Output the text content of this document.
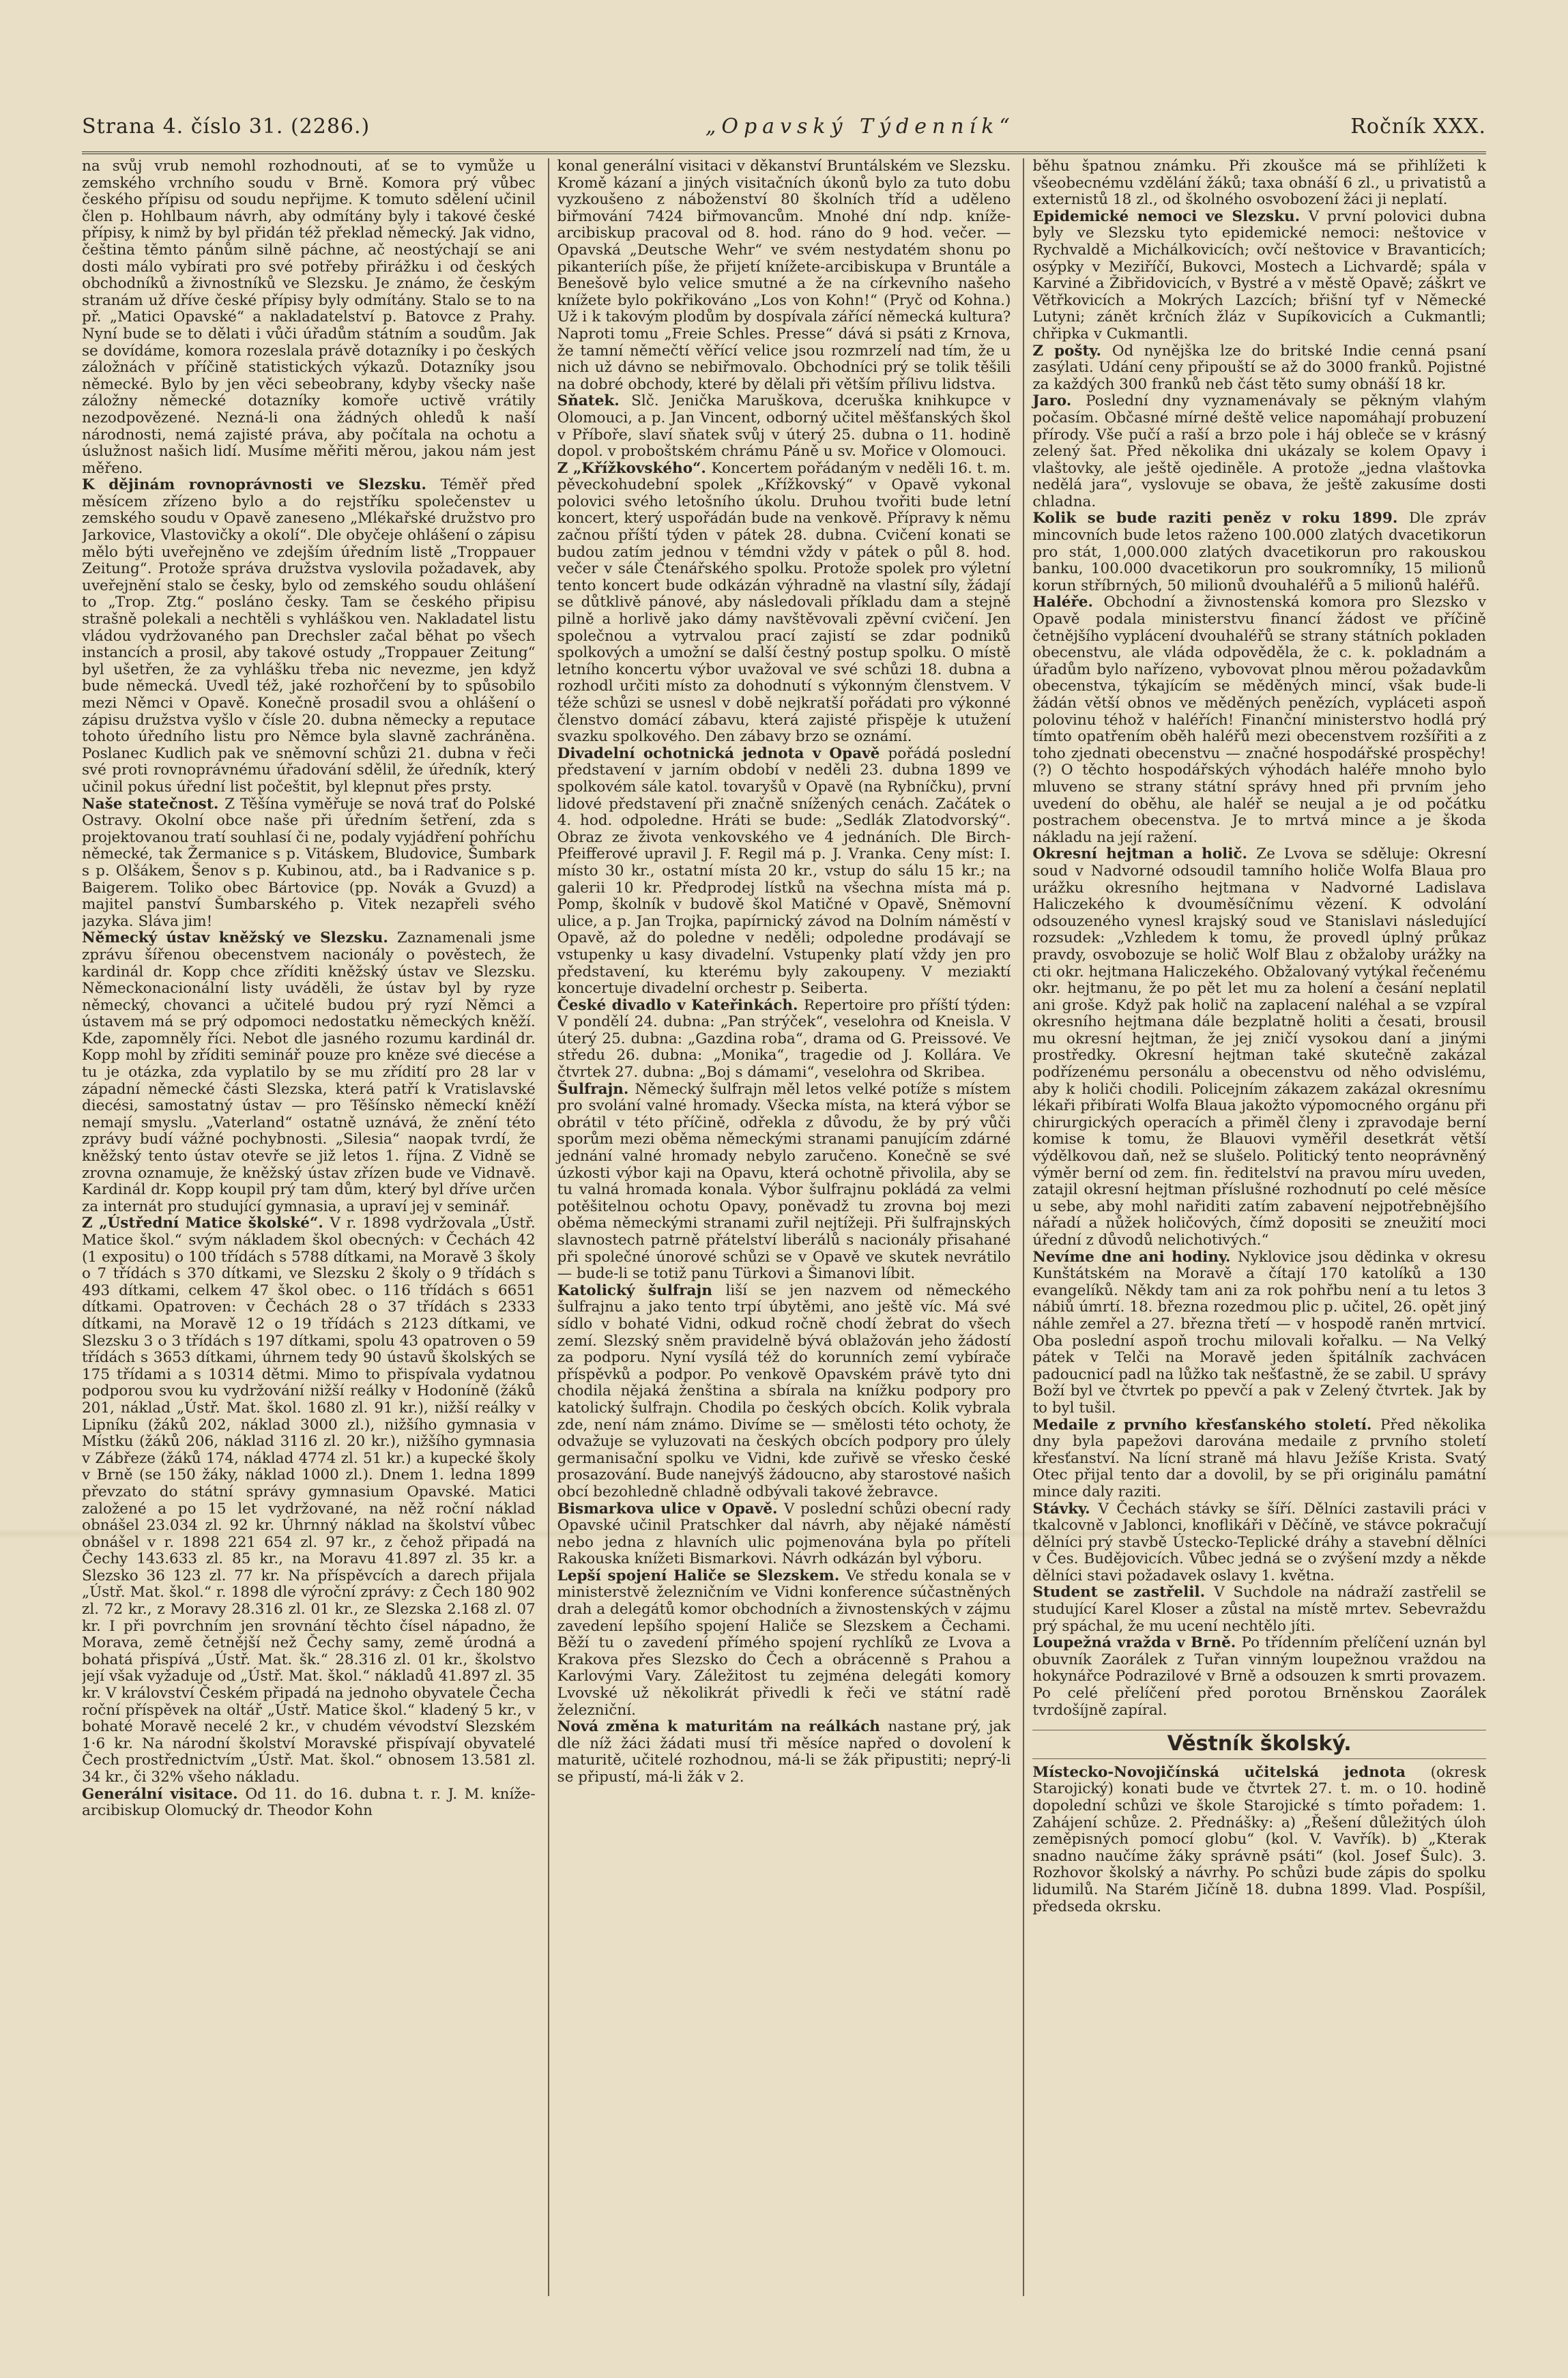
Strana 4. číslo 31. (2286.)	„Opavský Týdenník“	Ročník XXX.

na svůj vrub nemohl rozhodnouti, ať se to vymůže u zemského vrchního soudu v Brně. Komora prý vůbec českého přípisu od soudu nepřijme. K tomuto sdělení učinil člen p. Hohlbaum návrh, aby odmítány byly i takové české přípisy, k nimž by byl přidán též překlad německý. Jak vidno, čeština těmto pánům silně páchne, ač neostýchají se ani dosti málo vybírati pro své potřeby přirážku i od českých obchodníků a živnostníků ve Slezsku. Je známo, že českým stranám už dříve české přípisy byly odmítány. Stalo se to na př. „Matici Opavské“ a nakladatelství p. Batovce z Prahy. Nyní bude se to dělati i vůči úřadům státním a soudům. Jak se dovídáme, komora rozeslala právě dotazníky i po českých záložnách v příčině statistických výkazů. Dotazníky jsou německé. Bylo by jen věci sebeobrany, kdyby všecky naše záložny německé dotazníky komoře uctivě vrátily nezodpovězené. Nezná-li ona žádných ohledů k naší národnosti, nemá zajisté práva, aby počítala na ochotu a úslužnost našich lidí. Musíme měřiti měrou, jakou nám jest měřeno.

K dějinám rovnoprávnosti ve Slezsku. Téměř před měsícem zřízeno bylo a do rejstříku společenstev u zemského soudu v Opavě zaneseno „Mlékařské družstvo pro Jarkovice, Vlastovičky a okolí“. Dle obyčeje ohlášení o zápisu mělo býti uveřejněno ve zdejším úředním listě „Troppauer Zeitung“. Protože správa družstva vyslovila požadavek, aby uveřejnění stalo se česky, bylo od zemského soudu ohlášení to „Trop. Ztg.“ posláno česky. Tam se českého připisu strašně polekali a nechtěli s vyhláškou ven. Nakladatel listu vládou vydržovaného pan Drechsler začal běhat po všech instancích a prosil, aby takové ostudy „Troppauer Zeitung“ byl ušetřen, že za vyhlášku třeba nic nevezme, jen když bude německá. Uvedl též, jaké rozhořčení by to spůsobilo mezi Němci v Opavě. Konečně prosadil svou a ohlášení o zápisu družstva vyšlo v čísle 20. dubna německy a reputace tohoto úředního listu pro Němce byla slavně zachráněna. Poslanec Kudlich pak ve sněmovní schůzi 21. dubna v řeči své proti rovnoprávnému úřadování sdělil, že úředník, který učinil pokus úřední list počeštit, byl klepnut přes prsty.

Naše statečnost. Z Těšína vyměřuje se nová trať do Polské Ostravy. Okolní obce naše při úředním šetření, zda s projektovanou tratí souhlasí či ne, podaly vyjádření pohříchu německé, tak Žermanice s p. Vitáskem, Bludovice, Šumbark s p. Olšákem, Šenov s p. Kubinou, atd., ba i Radvanice s p. Baigerem. Toliko obec Bártovice (pp. Novák a Gvuzd) a majitel panství Šumbarského p. Vitek nezapřeli svého jazyka. Sláva jim!

Německý ústav kněžský ve Slezsku. Zaznamenali jsme zprávu šířenou obecenstvem nacionály o pověstech, že kardinál dr. Kopp chce zříditi kněžský ústav ve Slezsku. Německonacionální listy uváděli, že ústav byl by ryze německý, chovanci a učitelé budou prý ryzí Němci a ústavem má se prý odpomoci nedostatku německých kněží. Kde, zapomněly říci. Nebot dle jasného rozumu kardinál dr. Kopp mohl by zříditi seminář pouze pro kněze své diecése a tu je otázka, zda vyplatilo by se mu zřídití pro 28 lar v západní německé části Slezska, která patří k Vratislavské diecési, samostatný ústav — pro Těšínsko německí kněží nemají smyslu. „Vaterland“ ostatně uznává, že znění této zprávy budí vážné pochybnosti. „Silesia“ naopak tvrdí, že kněžský tento ústav otevře se již letos 1. října. Z Vidně se zrovna oznamuje, že kněžský ústav zřízen bude ve Vidnavě. Kardinál dr. Kopp koupil prý tam dům, který byl dříve určen za internát pro studující gymnasia, a upraví jej v seminář.

Z „Ústřední Matice školské“. V r. 1898 vydržovala „Ústř. Matice škol.“ svým nákladem škol obecných: v Čechách 42 (1 expositu) o 100 třídách s 5788 dítkami, na Moravě 3 školy o 7 třídách s 370 dítkami, ve Slezsku 2 školy o 9 třídách s 493 dítkami, celkem 47 škol obec. o 116 třídách s 6651 dítkami. Opatroven: v Čechách 28 o 37 třídách s 2333 dítkami, na Moravě 12 o 19 třídách s 2123 dítkami, ve Slezsku 3 o 3 třídách s 197 dítkami, spolu 43 opatroven o 59 třídách s 3653 dítkami, úhrnem tedy 90 ústavů školských se 175 třídami a s 10314 dětmi. Mimo to přispívala vydatnou podporou svou ku vydržování nižší reálky v Hodoníně (žáků 201, náklad „Ústř. Mat. škol. 1680 zl. 91 kr.), nižší reálky v Lipníku (žáků 202, náklad 3000 zl.), nižšího gymnasia v Místku (žáků 206, náklad 3116 zl. 20 kr.), nižšího gymnasia v Zábřeze (žáků 174, náklad 4774 zl. 51 kr.) a kupecké školy v Brně (se 150 žáky, náklad 1000 zl.). Dnem 1. ledna 1899 převzato do státní správy gymnasium Opavské. Matici založené a po 15 let vydržované, na něž roční náklad obnášel 23.034 zl. 92 kr. Úhrnný náklad na školství vůbec obnášel v r. 1898 221 654 zl. 97 kr., z čehož připadá na Čechy 143.633 zl. 85 kr., na Moravu 41.897 zl. 35 kr. a Slezsko 36 123 zl. 77 kr. Na příspěvcích a darech přijala „Ústř. Mat. škol.“ r. 1898 dle výroční zprávy: z Čech 180 902 zl. 72 kr., z Moravy 28.316 zl. 01 kr., ze Slezska 2.168 zl. 07 kr. I při povrchním jen srovnání těchto čísel nápadno, že Morava, země četnější než Čechy samy, země úrodná a bohatá přispívá „Ústř. Mat. šk.“ 28.316 zl. 01 kr., školstvo její však vyžaduje od „Ústř. Mat. škol.“ nákladů 41.897 zl. 35 kr. V království Českém připadá na jednoho obyvatele Čecha roční příspěvek na oltář „Ústř. Matice škol.“ kladený 5 kr., v bohaté Moravě necelé 2 kr., v chudém vévodství Slezském 1·6 kr. Na národní školství Moravské přispívají obyvatelé Čech prostřednictvím „Ústř. Mat. škol.“ obnosem 13.581 zl. 34 kr., či 32% všeho nákladu.

Generální visitace. Od 11. do 16. dubna t. r. J. M. kníže-arcibiskup Olomucký dr. Theodor Kohn

konal generální visitaci v děkanství Bruntálském ve Slezsku. Kromě kázaní a jiných visitačních úkonů bylo za tuto dobu vyzkoušeno z náboženství 80 školních tříd a uděleno biřmování 7424 biřmovancům. Mnohé dní ndp. kníže-arcibiskup pracoval od 8. hod. ráno do 9 hod. večer. — Opavská „Deutsche Wehr“ ve svém nestydatém shonu po pikanteriích píše, že přijetí knížete-arcibiskupa v Bruntále a Benešově bylo velice smutné a že na církevního našeho knížete bylo pokřikováno „Los von Kohn!“ (Pryč od Kohna.) Už i k takovým plodům by dospívala zářící německá kultura? Naproti tomu „Freie Schles. Presse“ dává si psáti z Krnova, že tamní němečtí věřící velice jsou rozmrzelí nad tím, že u nich už dávno se nebiřmovalo. Obchodníci prý se tolik těšili na dobré obchody, které by dělali při větším přílivu lidstva.

Sňatek. Slč. Jenička Maruškova, dceruška knihkupce v Olomouci, a p. Jan Vincent, odborný učitel měšťanských škol v Příboře, slaví sňatek svůj v úterý 25. dubna o 11. hodině dopol. v proboštském chrámu Páně u sv. Mořice v Olomouci.

Z „Křížkovského“. Koncertem pořádaným v neděli 16. t. m. pěveckohudební spolek „Křížkovský“ v Opavě vykonal polovici svého letošního úkolu. Druhou tvořiti bude letní koncert, který uspořádán bude na venkově. Přípravy k němu začnou příští týden v pátek 28. dubna. Cvičení konati se budou zatím jednou v témdni vždy v pátek o půl 8. hod. večer v sále Čtenářského spolku. Protože spolek pro výletní tento koncert bude odkázán výhradně na vlastní síly, žádají se důtklivě pánové, aby následovali příkladu dam a stejně pilně a horlivě jako dámy navštěvovali zpěvní cvičení. Jen společnou a vytrvalou prací zajistí se zdar podniků spolkových a umožní se další čestný postup spolku. O místě letního koncertu výbor uvažoval ve své schůzi 18. dubna a rozhodl určiti místo za dohodnutí s výkonným členstvem. V téže schůzi se usnesl v době nejkratší pořádati pro výkonné členstvo domácí zábavu, která zajisté přispěje k utužení svazku spolkového. Den zábavy brzo se oznámí.

Divadelní ochotnická jednota v Opavě pořádá poslední představení v jarním období v neděli 23. dubna 1899 ve spolkovém sále katol. tovaryšů v Opavě (na Rybníčku), první lidové představení při značně snížených cenách. Začátek o 4. hod. odpoledne. Hráti se bude: „Sedlák Zlatodvorský“. Obraz ze života venkovského ve 4 jednáních. Dle Birch-Pfeifferové upravil J. F. Regil má p. J. Vranka. Ceny míst: I. místo 30 kr., ostatní místa 20 kr., vstup do sálu 15 kr.; na galerii 10 kr. Předprodej lístků na všechna místa má p. Pomp, školník v budově škol Matičné v Opavě, Sněmovní ulice, a p. Jan Trojka, papírnický závod na Dolním náměstí v Opavě, až do poledne v neděli; odpoledne prodávají se vstupenky u kasy divadelní. Vstupenky platí vždy jen pro představení, ku kterému byly zakoupeny. V meziaktí koncertuje divadelní orchestr p. Seiberta.

České divadlo v Kateřinkách. Repertoire pro příští týden: V pondělí 24. dubna: „Pan strýček“, veselohra od Kneisla. V úterý 25. dubna: „Gazdina roba“, drama od G. Preissové. Ve středu 26. dubna: „Monika“, tragedie od J. Kollára. Ve čtvrtek 27. dubna: „Boj s dámami“, veselohra od Skribea.

Šulfrajn. Německý šulfrajn měl letos velké potíže s místem pro svolání valné hromady. Všecka místa, na která výbor se obrátil v této příčině, odřekla z důvodu, že by prý vůči sporům mezi oběma německými stranami panujícím zdárné jednání valné hromady nebylo zaručeno. Konečně se své úzkosti výbor kaji na Opavu, která ochotně přivolila, aby se tu valná hromada konala. Výbor šulfrajnu pokládá za velmi potěšitelnou ochotu Opavy, poněvadž tu zrovna boj mezi oběma německými stranami zuřil nejtížeji. Při šulfrajnských slavnostech patrně přátelství liberálů s nacionály přisahané při společné únorové schůzi se v Opavě ve skutek nevrátilo — bude-li se totiž panu Türkovi a Šimanovi líbit.

Katolický šulfrajn liší se jen nazvem od německého šulfrajnu a jako tento trpí úbytěmi, ano ještě víc. Má své sídlo v bohaté Vidni, odkud ročně chodí žebrat do všech zemí. Slezský sněm pravidelně bývá oblažován jeho žádostí za podporu. Nyní vysílá též do korunních zemí vybírače příspěvků a podpor. Po venkově Opavském právě tyto dni chodila nějaká ženština a sbírala na knížku podpory pro katolický šulfrajn. Chodila po českých obcích. Kolik vybrala zde, není nám známo. Divíme se — smělosti této ochoty, že odvažuje se vyluzovati na českých obcích podpory pro úlely germanisační spolku ve Vidni, kde zuřivě se vřesko české prosazování. Bude nanejvýš žádoucno, aby starostové našich obcí bezohledně chladně odbývali takové žebravce.

Bismarkova ulice v Opavě. V poslední schůzi obecní rady Opavské učinil Pratschker dal návrh, aby nějaké náměstí nebo jedna z hlavních ulic pojmenována byla po příteli Rakouska knížeti Bismarkovi. Návrh odkázán byl výboru.

Lepší spojení Haliče se Slezskem. Ve středu konala se v ministerstvě železničním ve Vidni konference súčastněných drah a delegátů komor obchodních a živnostenských v zájmu zavedení lepšího spojení Haliče se Slezskem a Čechami. Běží tu o zavedení přímého spojení rychlíků ze Lvova a Krakova přes Slezsko do Čech a obrácenně s Prahou a Karlovými Vary. Záležitost tu zejména delegáti komory Lvovské už několikrát přivedli k řeči ve státní radě železniční.

Nová změna k maturitám na reálkách nastane prý, jak dle níž žáci žádati musí tři měsíce napřed o dovolení k maturitě, učitelé rozhodnou, má-li se žák připustiti; neprý-li se připustí, má-li žák v 2.

běhu špatnou známku. Při zkoušce má se přihlížeti k všeobecnému vzdělání žáků; taxa obnáší 6 zl., u privatistů a externistů 18 zl., od školného osvobození žáci ji neplatí.

Epidemické nemoci ve Slezsku. V první polovici dubna byly ve Slezsku tyto epidemické nemoci: neštovice v Rychvaldě a Michálkovicích; ovčí neštovice v Bravanticích; osýpky v Meziříčí, Bukovci, Mostech a Lichvardě; spála v Karviné a Žibřidovicích, v Bystré a v městě Opavě; záškrt ve Větřkovicích a Mokrých Lazcích; břišní tyf v Německé Lutyni; zánět krčních žláz v Supíkovicích a Cukmantli; chřipka v Cukmantli.

Z pošty. Od nynějška lze do britské Indie cenná psaní zasýlati. Udání ceny připouští se až do 3000 franků. Pojistné za každých 300 franků neb část těto sumy obnáší 18 kr.

Jaro. Poslední dny vyznamenávaly se pěkným vlahým počasím. Občasné mírné deště velice napomáhají probuzení přírody. Vše pučí a raší a brzo pole i háj obleče se v krásný zelený šat. Před několika dni ukázaly se kolem Opavy i vlaštovky, ale ještě ojediněle. A protože „jedna vlaštovka nedělá jara“, vyslovuje se obava, že ještě zakusíme dosti chladna.

Kolik se bude raziti peněz v roku 1899. Dle zpráv mincovních bude letos raženo 100.000 zlatých dvacetikorun pro stát, 1,000.000 zlatých dvacetikorun pro rakouskou banku, 100.000 dvacetikorun pro soukromníky, 15 milionů korun stříbrných, 50 milionů dvouhaléřů a 5 milionů haléřů.

Haléře. Obchodní a živnostenská komora pro Slezsko v Opavě podala ministerstvu financí žádost ve příčině četnějšího vyplácení dvouhaléřů se strany státních pokladen obecenstvu, ale vláda odpověděla, že c. k. pokladnám a úřadům bylo nařízeno, vybovovat plnou měrou požadavkům obecenstva, týkajícím se měděných mincí, však bude-li žádán větší obnos ve měděných penězích, vypláceti aspoň polovinu téhož v haléřích! Finanční ministerstvo hodlá prý tímto opatřením oběh haléřů mezi obecenstvem rozšířiti a z toho zjednati obecenstvu — značné hospodářské prospěchy! (?) O těchto hospodářských výhodách haléře mnoho bylo mluveno se strany státní správy hned při prvním jeho uvedení do oběhu, ale haléř se neujal a je od počátku postrachem obecenstva. Je to mrtvá mince a je škoda nákladu na její ražení.

Okresní hejtman a holič. Ze Lvova se sděluje: Okresní soud v Nadvorné odsoudil tamního holiče Wolfa Blaua pro urážku okresního hejtmana v Nadvorné Ladislava Haliczekého k dvouměsíčnímu vězení. K odvolání odsouzeného vynesl krajský soud ve Stanislavi následující rozsudek: „Vzhledem k tomu, že provedl úplný průkaz pravdy, osvobozuje se holič Wolf Blau z obžaloby urážky na cti okr. hejtmana Haliczekého. Obžalovaný vytýkal řečenému okr. hejtmanu, že po pět let mu za holení a česání neplatil ani groše. Když pak holič na zaplacení naléhal a se vzpíral okresního hejtmana dále bezplatně holiti a česati, brousil mu okresní hejtman, že jej zničí vysokou daní a jinými prostředky. Okresní hejtman také skutečně zakázal podřízenému personálu a obecenstvu od něho odvislému, aby k holiči chodili. Policejním zákazem zakázal okresnímu lékaři přibírati Wolfa Blaua jakožto výpomocného orgánu při chirurgických operacích a přiměl členy i zpravodaje berní komise k tomu, že Blauovi vyměřil desetkrát větší výdělkovou daň, než se slušelo. Politický tento neoprávněný výměr berní od zem. fin. ředitelství na pravou míru uveden, zatajil okresní hejtman příslušné rozhodnutí po celé měsíce u sebe, aby mohl nařiditi zatím zabavení nejpotřebnějšího nářadí a nůžek holičových, čímž dopositi se zneužití moci úřední z důvodů nelichotivých.“

Nevíme dne ani hodiny. Nyklovice jsou dědinka v okresu Kunštátském na Moravě a čítají 170 katolíků a 130 evangelíků. Někdy tam ani za rok pohřbu není a tu letos 3 nábiů úmrtí. 18. března rozedmou plic p. učitel, 26. opět jiný náhle zemřel a 27. března třetí — v hospodě raněn mrtvicí. Oba poslední aspoň trochu milovali kořalku. — Na Velký pátek v Telči na Moravě jeden špitálník zachvácen padoucnicí padl na lůžko tak nešťastně, že se zabil. U správy Boží byl ve čtvrtek po ppevčí a pak v Zelený čtvrtek. Jak by to byl tušil.

Medaile z prvního křesťanského století. Před několika dny byla papežovi darována medaile z prvního století křesťanství. Na lícní straně má hlavu Ježíše Krista. Svatý Otec přijal tento dar a dovolil, by se při originálu památní mince daly raziti.

Stávky. V Čechách stávky se šíří. Dělníci zastavili práci v tkalcovně v Jablonci, knoflikáři v Děčíně, ve stávce pokračují dělníci prý stavbě Ústecko-Teplické dráhy a stavební dělníci v Čes. Budějovicích. Vůbec jedná se o zvýšení mzdy a někde dělníci stavi požadavek oslavy 1. května.

Student se zastřelil. V Suchdole na nádraží zastřelil se studující Karel Kloser a zůstal na místě mrtev. Sebevraždu prý spáchal, že mu ucení nechtělo jíti.

Loupežná vražda v Brně. Po třídenním přelíčení uznán byl obuvník Zaorálek z Tuřan vinným loupežnou vraždou na hokynářce Podrazilové v Brně a odsouzen k smrti provazem. Po celé přelíčení před porotou Brněnskou Zaorálek tvrdošíjně zapíral.

Věstník školský.

Místecko-Novojičínská učitelská jednota (okresk Starojický) konati bude ve čtvrtek 27. t. m. o 10. hodině dopolední schůzi ve škole Starojické s tímto pořadem: 1. Zahájení schůze. 2. Přednášky: a) „Řešení důležitých úloh zeměpisných pomocí globu“ (kol. V. Vavřík). b) „Kterak snadno naučíme žáky správně psáti“ (kol. Josef Šulc). 3. Rozhovor školský a návrhy. Po schůzi bude zápis do spolku lidumilů. Na Starém Jičíně 18. dubna 1899. Vlad. Pospíšil, předseda okrsku.
